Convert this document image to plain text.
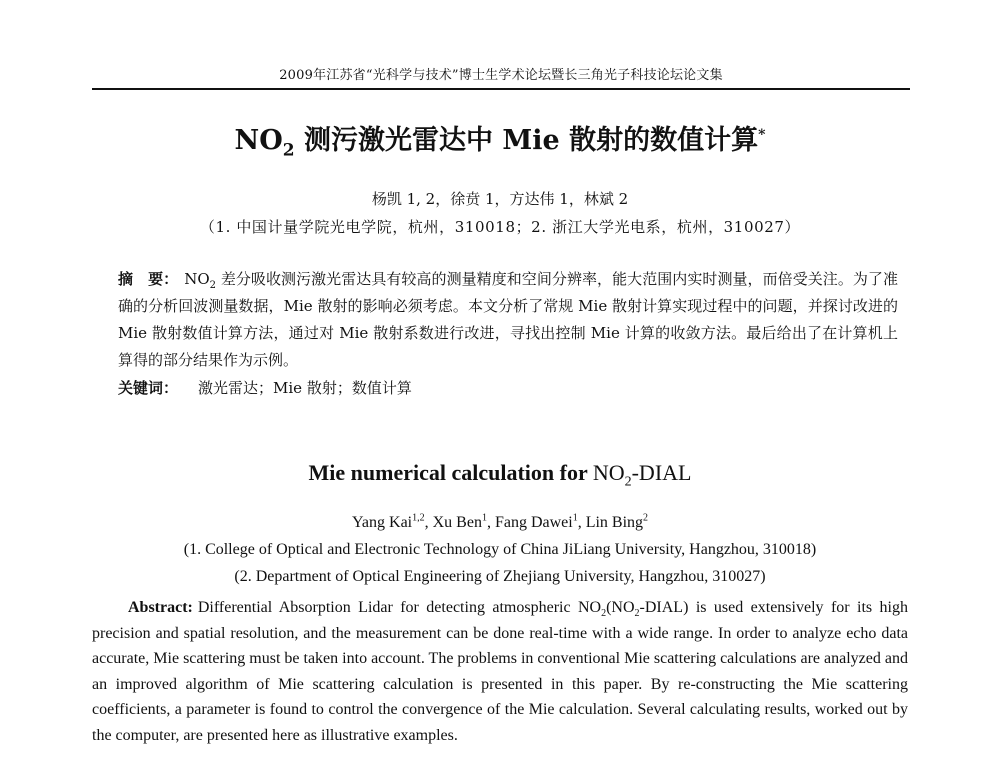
2009年江苏省“光科学与技术”博士生学术论坛暨长三角光子科技论坛论文集
$NO_2$ 测污激光雷达中 Mie 散射的数值计算*
杨凯 1, 2，徐贲 1，方达伟 1，林斌 2
（1. 中国计量学院光电学院，杭州，310018；2. 浙江大学光电系，杭州，310027）
摘　要： $NO_2$ 差分吸收测污激光雷达具有较高的测量精度和空间分辨率，能大范围内实时测量，而倍受关注。为了准确的分析回波测量数据，Mie 散射的影响必须考虑。本文分析了常规 Mie 散射计算实现过程中的问题，并探讨改进的 Mie 散射数值计算方法，通过对 Mie 散射系数进行改进，寻找出控制 Mie 计算的收敛方法。最后给出了在计算机上算得的部分结果作为示例。
关键词： 激光雷达；Mie 散射；数值计算
Mie numerical calculation for $NO_2$-DIAL
Yang Kai$^{1,2}$, Xu Ben$^1$, Fang Dawei$^1$, Lin Bing$^2$
(1. College of Optical and Electronic Technology of China JiLiang University, Hangzhou, 310018)
(2. Department of Optical Engineering of Zhejiang University, Hangzhou, 310027)
Abstract: Differential Absorption Lidar for detecting atmospheric $NO_2(NO_2-DIAL)$ is used extensively for its high precision and spatial resolution, and the measurement can be done real-time with a wide range. In order to analyze echo data accurate, Mie scattering must be taken into account. The problems in conventional Mie scattering calculations are analyzed and an improved algorithm of Mie scattering calculation is presented in this paper. By re-constructing the Mie scattering coefficients, a parameter is found to control the convergence of the Mie calculation. Several calculating results, worked out by the computer, are presented here as illustrative examples.
